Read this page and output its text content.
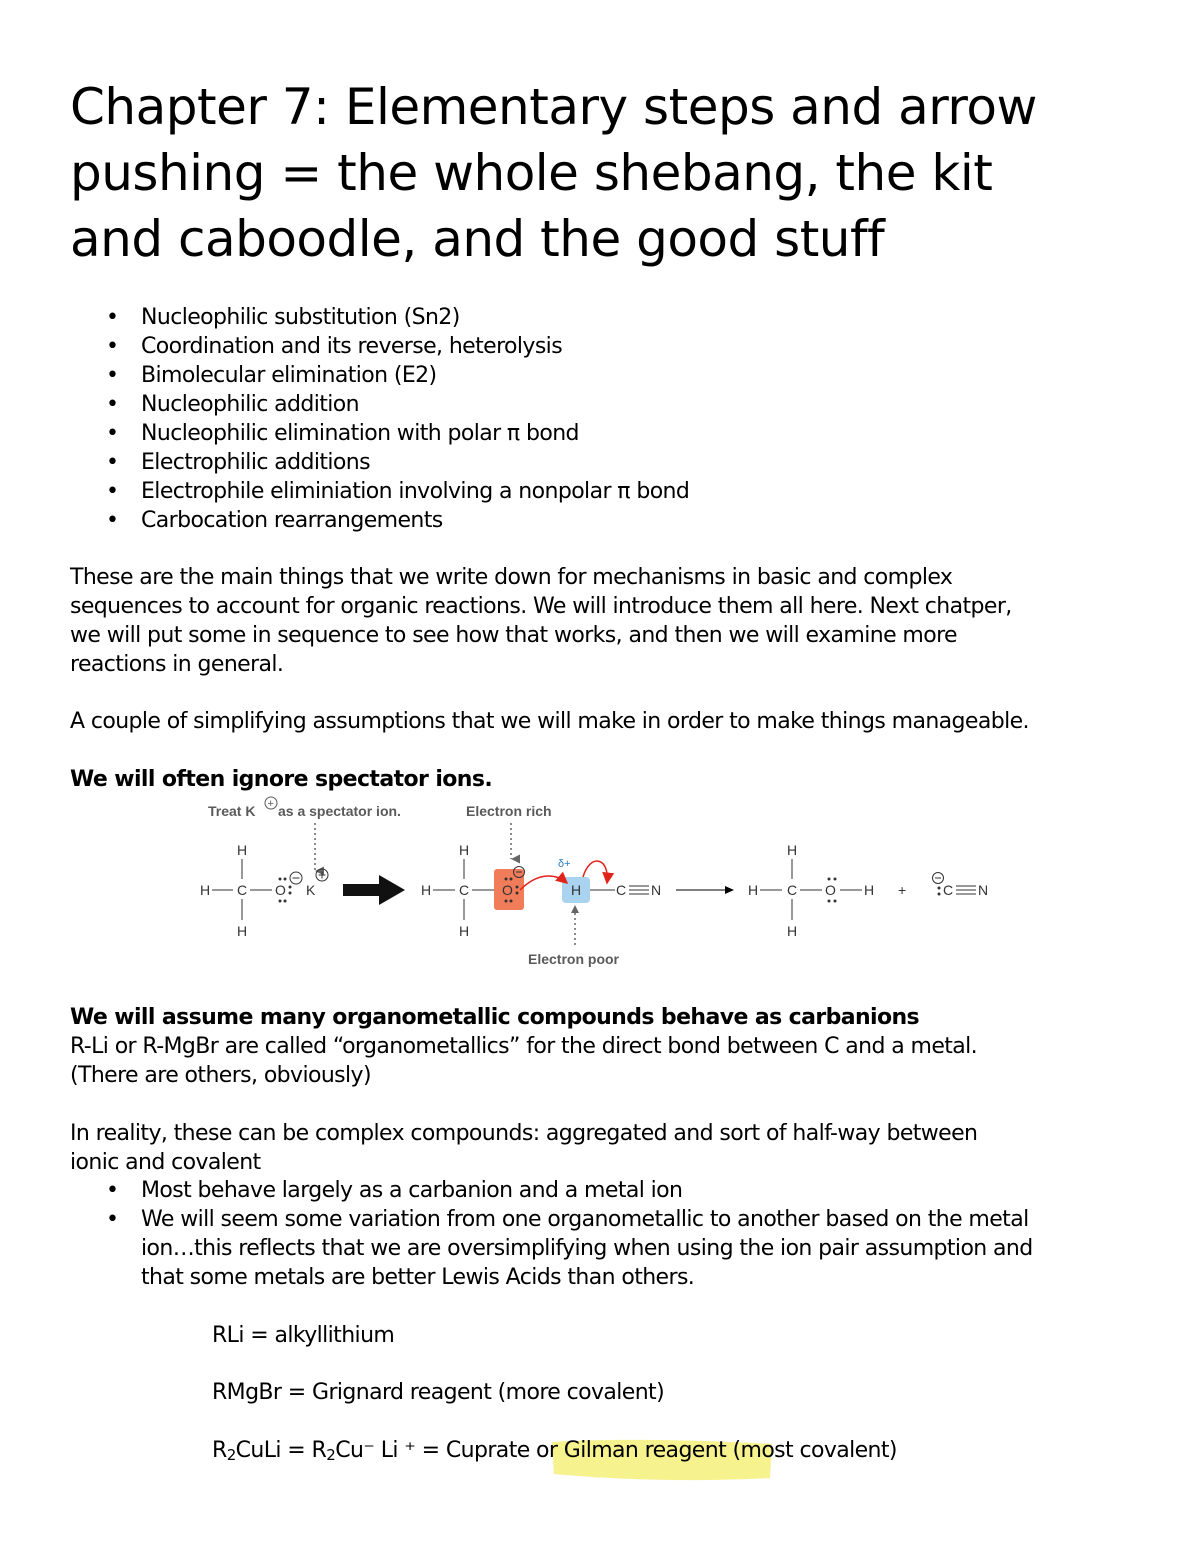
Chapter 7: Elementary steps and arrow
pushing = the whole shebang, the kit
and caboodle, and the good stuff
• Nucleophilic substitution (Sn2)
• Coordination and its reverse, heterolysis
• Bimolecular elimination (E2)
• Nucleophilic addition
• Nucleophilic elimination with polar π bond
• Electrophilic additions
• Electrophile eliminiation involving a nonpolar π bond
• Carbocation rearrangements

These are the main things that we write down for mechanisms in basic and complex
sequences to account for organic reactions. We will introduce them all here. Next chatper,
we will put some in sequence to see how that works, and then we will examine more
reactions in general.

A couple of simplifying assumptions that we will make in order to make things manageable.

We will often ignore spectator ions.

Treat K + as a spectator ion.	Electron rich
Electron poor
H
H C O K
H
H
H C O
H
δ+
H C N
H
H C O H
H
+	C N

We will assume many organometallic compounds behave as carbanions

R-Li or R-MgBr are called “organometallics” for the direct bond between C and a metal.
(There are others, obviously)

In reality, these can be complex compounds: aggregated and sort of half-way between
ionic and covalent

• Most behave largely as a carbanion and a metal ion
• We will seem some variation from one organometallic to another based on the metal
ion…this reflects that we are oversimplifying when using the ion pair assumption and
that some metals are better Lewis Acids than others.
RLi = alkyllithium
RMgBr = Grignard reagent (more covalent)
$R_2CuLi = R_2Cu^-$ Li ⁺ = Cuprate or Gilman reagent (most covalent)
